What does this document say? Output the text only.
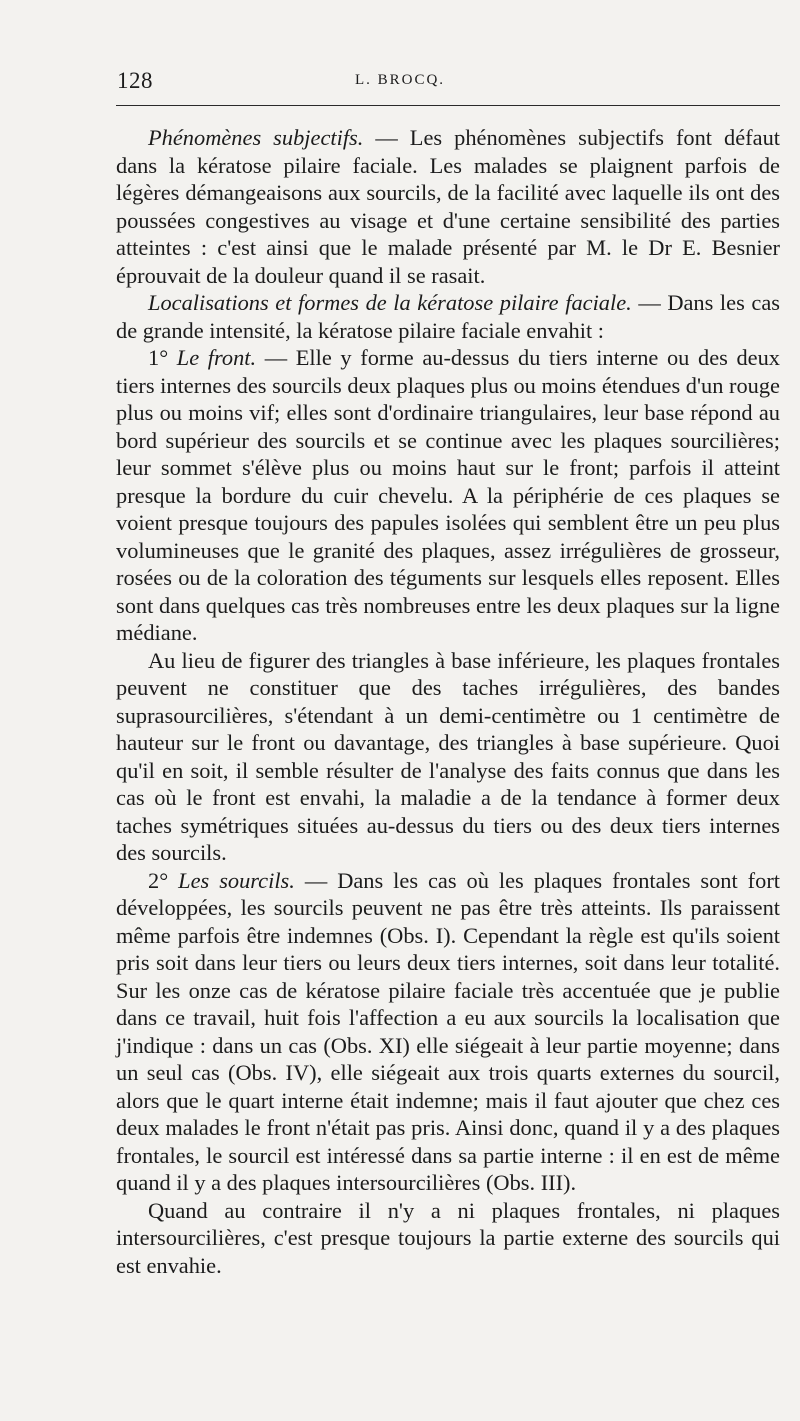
128	L. BROCQ.

Phénomènes subjectifs. — Les phénomènes subjectifs font défaut dans la kératose pilaire faciale. Les malades se plaignent parfois de légères démangeaisons aux sourcils, de la facilité avec laquelle ils ont des poussées congestives au visage et d'une certaine sensibilité des parties atteintes : c'est ainsi que le malade présenté par M. le Dr E. Besnier éprouvait de la douleur quand il se rasait.

Localisations et formes de la kératose pilaire faciale. — Dans les cas de grande intensité, la kératose pilaire faciale envahit :

1° Le front. — Elle y forme au-dessus du tiers interne ou des deux tiers internes des sourcils deux plaques plus ou moins étendues d'un rouge plus ou moins vif; elles sont d'ordinaire triangulaires, leur base répond au bord supérieur des sourcils et se continue avec les plaques sourcilières; leur sommet s'élève plus ou moins haut sur le front; parfois il atteint presque la bordure du cuir chevelu. A la périphérie de ces plaques se voient presque toujours des papules isolées qui semblent être un peu plus volumineuses que le granité des plaques, assez irrégulières de grosseur, rosées ou de la coloration des téguments sur lesquels elles reposent. Elles sont dans quelques cas très nombreuses entre les deux plaques sur la ligne médiane.

Au lieu de figurer des triangles à base inférieure, les plaques frontales peuvent ne constituer que des taches irrégulières, des bandes suprasourcilières, s'étendant à un demi-centimètre ou 1 centimètre de hauteur sur le front ou davantage, des triangles à base supérieure. Quoi qu'il en soit, il semble résulter de l'analyse des faits connus que dans les cas où le front est envahi, la maladie a de la tendance à former deux taches symétriques situées au-dessus du tiers ou des deux tiers internes des sourcils.

2° Les sourcils. — Dans les cas où les plaques frontales sont fort développées, les sourcils peuvent ne pas être très atteints. Ils paraissent même parfois être indemnes (Obs. I). Cependant la règle est qu'ils soient pris soit dans leur tiers ou leurs deux tiers internes, soit dans leur totalité. Sur les onze cas de kératose pilaire faciale très accentuée que je publie dans ce travail, huit fois l'affection a eu aux sourcils la localisation que j'indique : dans un cas (Obs. XI) elle siégeait à leur partie moyenne; dans un seul cas (Obs. IV), elle siégeait aux trois quarts externes du sourcil, alors que le quart interne était indemne; mais il faut ajouter que chez ces deux malades le front n'était pas pris. Ainsi donc, quand il y a des plaques frontales, le sourcil est intéressé dans sa partie interne : il en est de même quand il y a des plaques intersourcilières (Obs. III).

Quand au contraire il n'y a ni plaques frontales, ni plaques intersourcilières, c'est presque toujours la partie externe des sourcils qui est envahie.
